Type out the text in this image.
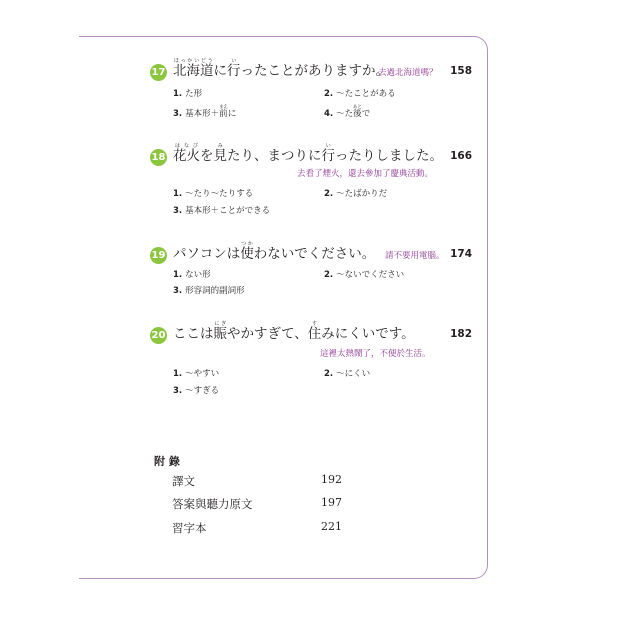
17 北海道ほっかいどうに行いったことがありますか。
去過北海道嗎？ 158
1. た形	2. ～たことがある
3. 基本形＋前まえに	4. ～た後あとで
18 花火はなびを見みたり、まつりに行いったりしました。 166
去看了煙火，還去參加了慶典活動。
1. ～たり～たりする	2. ～たばかりだ
3. 基本形＋ことができる
19 パソコンは使つかわないでください。 請不要用電腦。 174
1. ない形	2. ～ないでください
3. 形容詞的副詞形
20 ここは賑にぎやかすぎて、住すみにくいです。	182
這裡太熱鬧了，不便於生活。
1. ～やすい	2. ～にくい
3. ～すぎる
附 錄
譯文	192
答案與聽力原文	197
習字本	221
